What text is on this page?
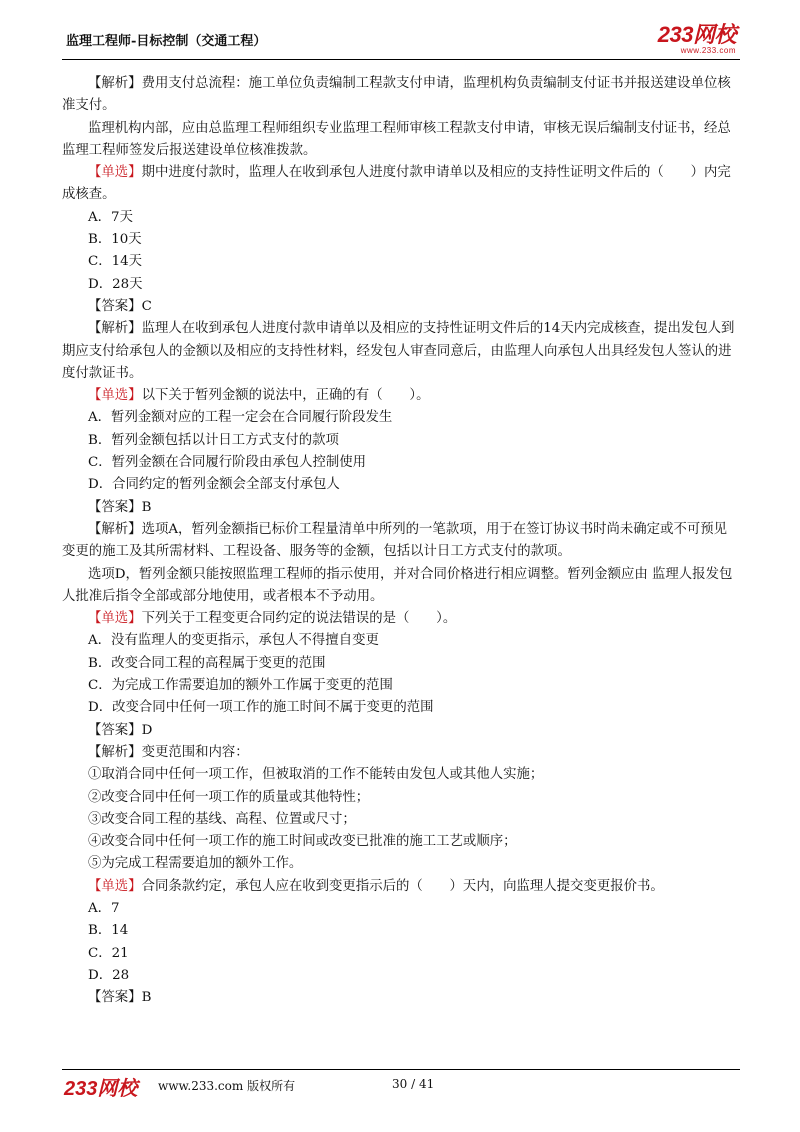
监理工程师-目标控制（交通工程）	233网校
www.233.com
【解析】费用支付总流程：施工单位负责编制工程款支付申请，监理机构负责编制支付证书并报送建设单位核准支付。
监理机构内部，应由总监理工程师组织专业监理工程师审核工程款支付申请，审核无误后编制支付证书，经总监理工程师签发后报送建设单位核准拨款。
【单选】期中进度付款时，监理人在收到承包人进度付款申请单以及相应的支持性证明文件后的（　　）内完成核查。
A．7天
B．10天
C．14天
D．28天
【答案】C
【解析】监理人在收到承包人进度付款申请单以及相应的支持性证明文件后的14天内完成核查，提出发包人到期应支付给承包人的金额以及相应的支持性材料，经发包人审查同意后，由监理人向承包人出具经发包人签认的进度付款证书。
【单选】以下关于暂列金额的说法中，正确的有（　　）。
A．暂列金额对应的工程一定会在合同履行阶段发生
B．暂列金额包括以计日工方式支付的款项
C．暂列金额在合同履行阶段由承包人控制使用
D．合同约定的暂列金额会全部支付承包人
【答案】B
【解析】选项A，暂列金额指已标价工程量清单中所列的一笔款项，用于在签订协议书时尚未确定或不可预见变更的施工及其所需材料、工程设备、服务等的金额，包括以计日工方式支付的款项。
选项D，暂列金额只能按照监理工程师的指示使用，并对合同价格进行相应调整。暂列金额应由 监理人报发包人批准后指令全部或部分地使用，或者根本不予动用。
【单选】下列关于工程变更合同约定的说法错误的是（　　）。
A．没有监理人的变更指示，承包人不得擅自变更
B．改变合同工程的高程属于变更的范围
C．为完成工作需要追加的额外工作属于变更的范围
D．改变合同中任何一项工作的施工时间不属于变更的范围
【答案】D
【解析】变更范围和内容：
①取消合同中任何一项工作，但被取消的工作不能转由发包人或其他人实施；
②改变合同中任何一项工作的质量或其他特性；
③改变合同工程的基线、高程、位置或尺寸；
④改变合同中任何一项工作的施工时间或改变已批准的施工工艺或顺序；
⑤为完成工程需要追加的额外工作。
【单选】合同条款约定，承包人应在收到变更指示后的（　　）天内，向监理人提交变更报价书。
A．7
B．14
C．21
D．28
【答案】B
233网校 www.233.com 版权所有	30 / 41
